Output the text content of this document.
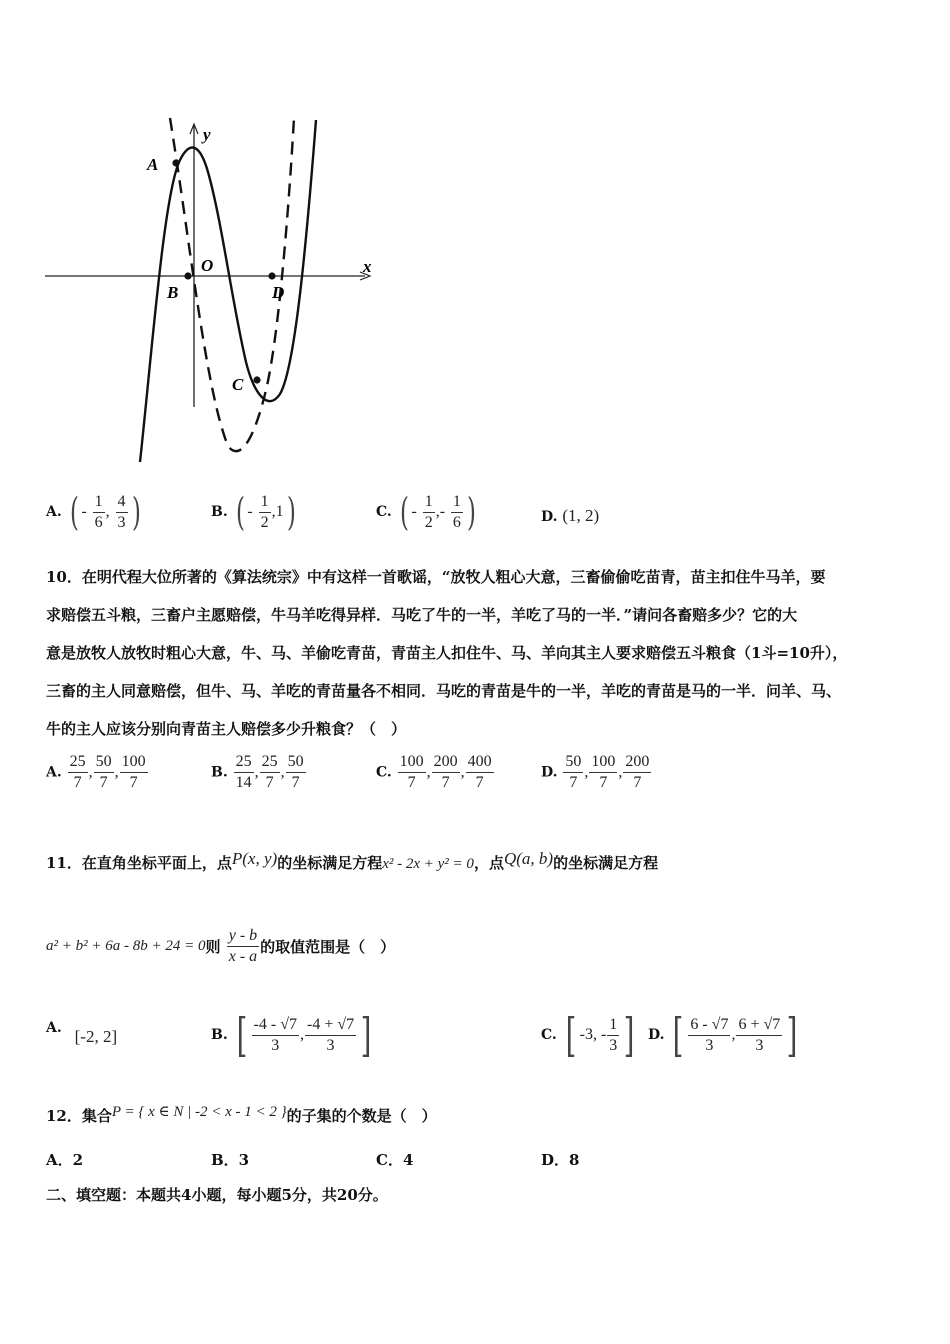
y
x
A
O
B	D
C
A. ( - $\frac{1}{6}$ , $\frac{4}{3}$ )	B. ( - $\frac{1}{2} ,1$)	C. ( - $\frac{1}{2}$ ,- $\frac{1}{6}$ )	D. (1, 2)
10．在明代程大位所著的《算法统宗》中有这样一首歌谣，“放牧人粗心大意，三畜偷偷吃苗青，苗主扣住牛马羊，要
求赔偿五斗粮，三畜户主愿赔偿，牛马羊吃得异样．马吃了牛的一半，羊吃了马的一半．”请问各畜赔多少？它的大
意是放牧人放牧时粗心大意，牛、马、羊偷吃青苗，青苗主人扣住牛、马、羊向其主人要求赔偿五斗粮食（1斗=10升），
三畜的主人同意赔偿，但牛、马、羊吃的青苗量各不相同．马吃的青苗是牛的一半，羊吃的青苗是马的一半．问羊、马、
牛的主人应该分别向青苗主人赔偿多少升粮食？（　）
A. $\frac{25}{7}$ , $\frac{50}{7}$ , $\frac{100}{7}$	B. $\frac{25}{14}$ , $\frac{25}{7}$ , $\frac{50}{7}$	C. $\frac{100}{7}$ , $\frac{200}{7}$ , $\frac{400}{7}$	D. $\frac{50}{7}$ , $\frac{100}{7}$ , $\frac{200}{7}$
11．在直角坐标平面上，点P(x, y)的坐标满足方程x² - 2x + y² = 0，点Q(a, b)的坐标满足方程
a² + b² + 6a - 8b + 24 = 0则 $\frac{y - b}{x - a}$ 的取值范围是（　）
A. [-2, 2]	B. [ $\frac{-4 - √7}{3}$ , $\frac{-4 + √7}{3}$ ]	C. [ -3, - $\frac{1}{3}$ ] D. [ $\frac{6 - √7}{3}$ , $\frac{6 + √7}{3}$ ]
12．集合P = { x ∈ N | -2 < x - 1 < 2 }的子集的个数是（　）
A．2	B．3	C．4	D．8
二、填空题：本题共4小题，每小题5分，共20分。
